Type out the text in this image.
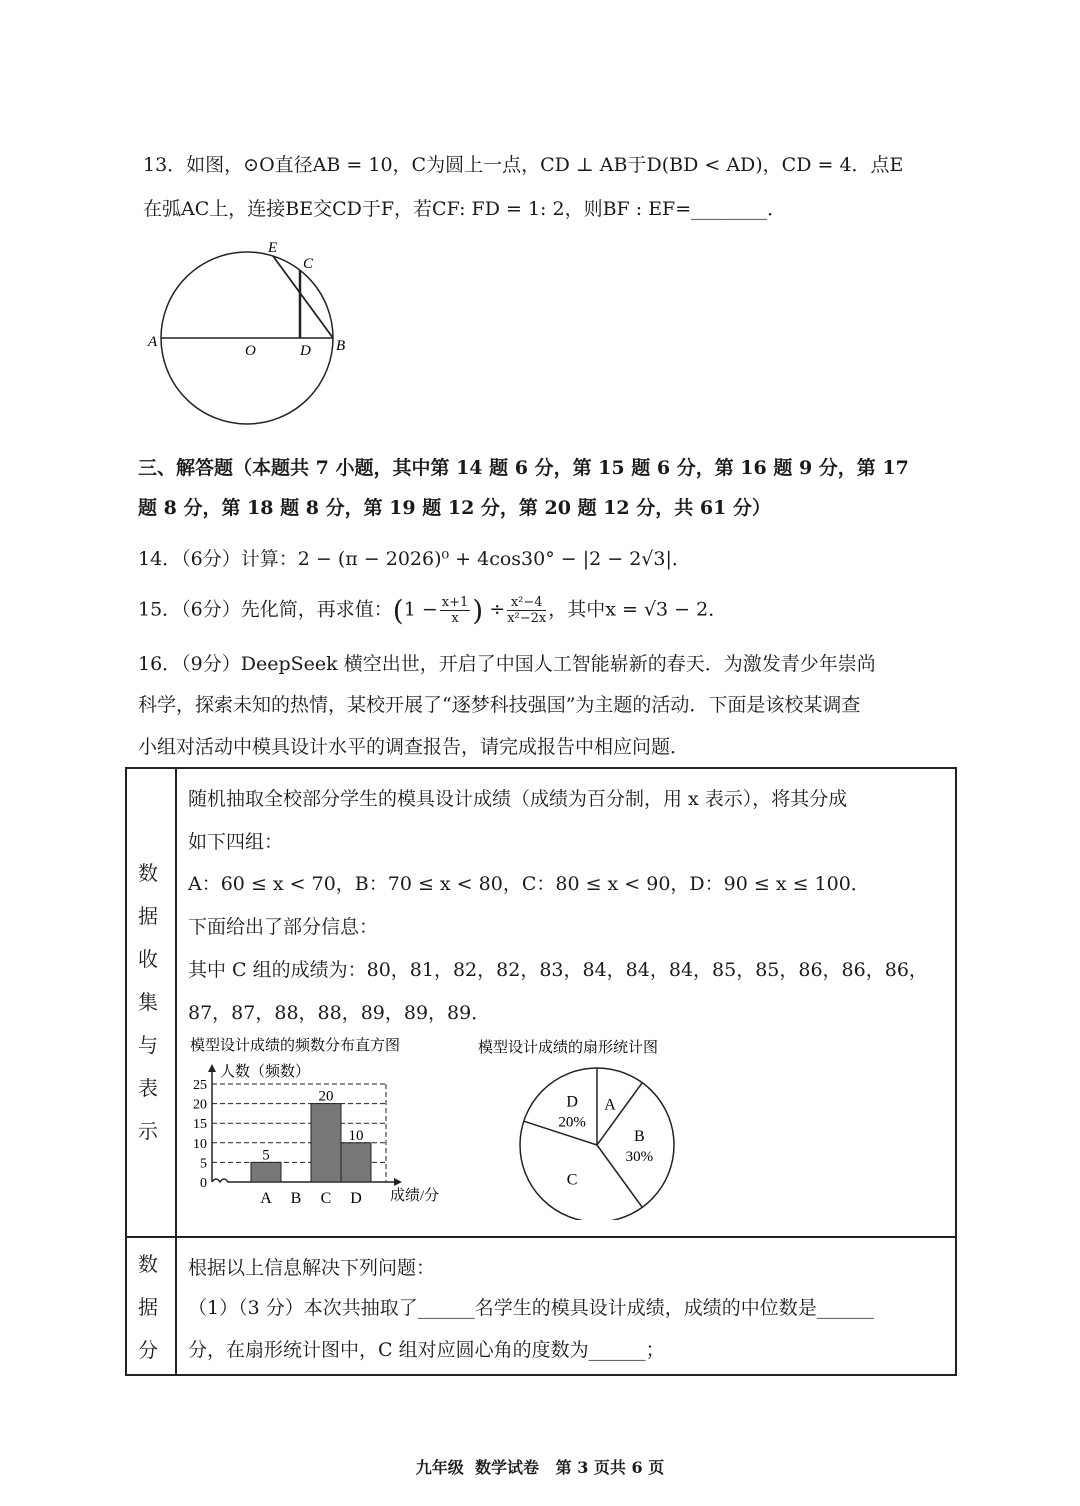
13．如图，⊙O直径AB = 10，C为圆上一点，CD ⊥ AB于D(BD < AD)，CD = 4．点E
在弧AC上，连接BE交CD于F，若CF: FD = 1: 2，则BF : EF=________．
E
C
A
O	D B
三、解答题（本题共 7 小题，其中第 14 题 6 分，第 15 题 6 分，第 16 题 9 分，第 17
题 8 分，第 18 题 8 分，第 19 题 12 分，第 20 题 12 分，共 61 分）
14．（6分）计算：2 − (π − 2026)⁰ + 4cos30° − |2 − 2√3|．
15．（6分）先化简，再求值：($1 - \frac{x+1}{x}$ ) ÷ $\frac{\text{x²−4}}{\text{x²−2x}}$ ，其中x = √3 − 2．
16．（9分）DeepSeek 横空出世，开启了中国人工智能崭新的春天．为激发青少年崇尚
科学，探索未知的热情，某校开展了“逐梦科技强国”为主题的活动．下面是该校某调查
小组对活动中模具设计水平的调查报告，请完成报告中相应问题．
数
据
收
集
与
表
示
随机抽取全校部分学生的模具设计成绩（成绩为百分制，用 x 表示），将其分成
如下四组：
A：60 ≤ x < 70，B：70 ≤ x < 80，C：80 ≤ x < 90，D：90 ≤ x ≤ 100．
下面给出了部分信息：
其中 C 组的成绩为：80，81，82，82，83，84，84，84，85，85，86，86，86，
87，87，88，88，89，89，89．
模型设计成绩的频数分布直方图
人数（频数）
成绩/分
模型设计成绩的扇形统计图
0
5
10
15
20
25
5
A B
20
C
10
D
A
B
30%
C
D
20%
数
据
分
根据以上信息解决下列问题：
（1）（3 分）本次共抽取了______名学生的模具设计成绩，成绩的中位数是______
分，在扇形统计图中，C 组对应圆心角的度数为______；
九年级  数学试卷   第 3 页共 6 页
